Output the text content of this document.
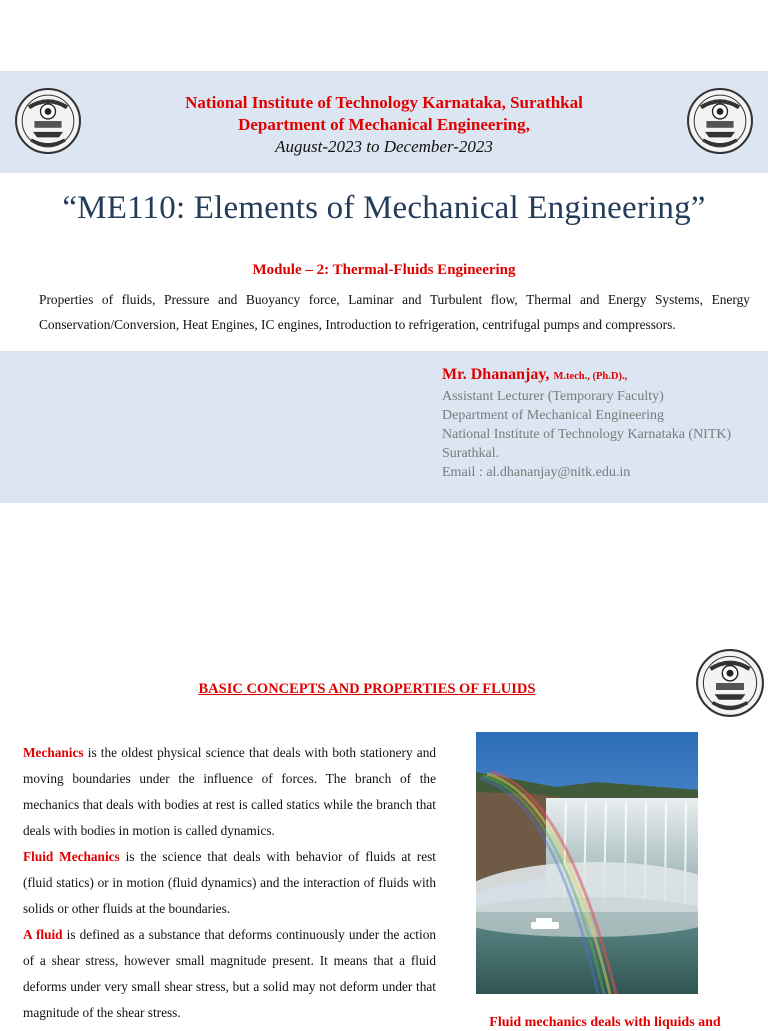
National Institute of Technology Karnataka, Surathkal
Department of Mechanical Engineering,
August-2023 to December-2023
“ME110: Elements of Mechanical Engineering”
Module – 2: Thermal-Fluids Engineering
Properties of fluids, Pressure and Buoyancy force, Laminar and Turbulent flow, Thermal and Energy Systems, Energy Conservation/Conversion, Heat Engines, IC engines, Introduction to refrigeration, centrifugal pumps and compressors.
Mr. Dhananjay, M.tech., (Ph.D).,
Assistant Lecturer (Temporary Faculty)
Department of Mechanical Engineering
National Institute of Technology Karnataka (NITK)
Surathkal.
Email : al.dhananjay@nitk.edu.in
BASIC CONCEPTS AND PROPERTIES OF FLUIDS

Mechanics is the oldest physical science that deals with both stationery and moving boundaries under the influence of forces. The branch of the mechanics that deals with bodies at rest is called statics while the branch that deals with bodies in motion is called dynamics.

Fluid Mechanics is the science that deals with behavior of fluids at rest (fluid statics) or in motion (fluid dynamics) and the interaction of fluids with solids or other fluids at the boundaries.

A fluid is defined as a substance that deforms continuously under the action of a shear stress, however small magnitude present. It means that a fluid deforms under very small shear stress, but a solid may not deform under that magnitude of the shear stress.

Fluid mechanics deals with liquids and
